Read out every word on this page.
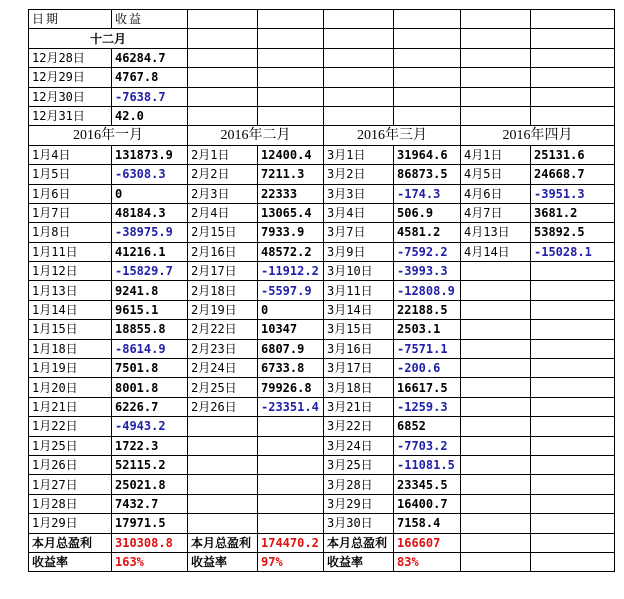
日期	收益						
十二月							
12月28日	46284.7						
12月29日	4767.8						
12月30日	-7638.7						
12月31日	42.0						
2016年一月		2016年二月		2016年三月		2016年四月	
1月4日	131873.9	2月1日	12400.4	3月1日	31964.6	4月1日	25131.6
1月5日	-6308.3	2月2日	7211.3	3月2日	86873.5	4月5日	24668.7
1月6日	0	2月3日	22333	3月3日	-174.3	4月6日	-3951.3
1月7日	48184.3	2月4日	13065.4	3月4日	506.9	4月7日	3681.2
1月8日	-38975.9	2月15日	7933.9	3月7日	4581.2	4月13日	53892.5
1月11日	41216.1	2月16日	48572.2	3月9日	-7592.2	4月14日	-15028.1
1月12日	-15829.7	2月17日	-11912.2	3月10日	-3993.3		
1月13日	9241.8	2月18日	-5597.9	3月11日	-12808.9		
1月14日	9615.1	2月19日	0	3月14日	22188.5		
1月15日	18855.8	2月22日	10347	3月15日	2503.1		
1月18日	-8614.9	2月23日	6807.9	3月16日	-7571.1		
1月19日	7501.8	2月24日	6733.8	3月17日	-200.6		
1月20日	8001.8	2月25日	79926.8	3月18日	16617.5		
1月21日	6226.7	2月26日	-23351.4	3月21日	-1259.3		
1月22日	-4943.2			3月22日	6852		
1月25日	1722.3			3月24日	-7703.2		
1月26日	52115.2			3月25日	-11081.5		
1月27日	25021.8			3月28日	23345.5		
1月28日	7432.7			3月29日	16400.7		
1月29日	17971.5			3月30日	7158.4		
本月总盈利	310308.8	本月总盈利	174470.2	本月总盈利	166607		
收益率	163%	收益率	97%	收益率	83%		
